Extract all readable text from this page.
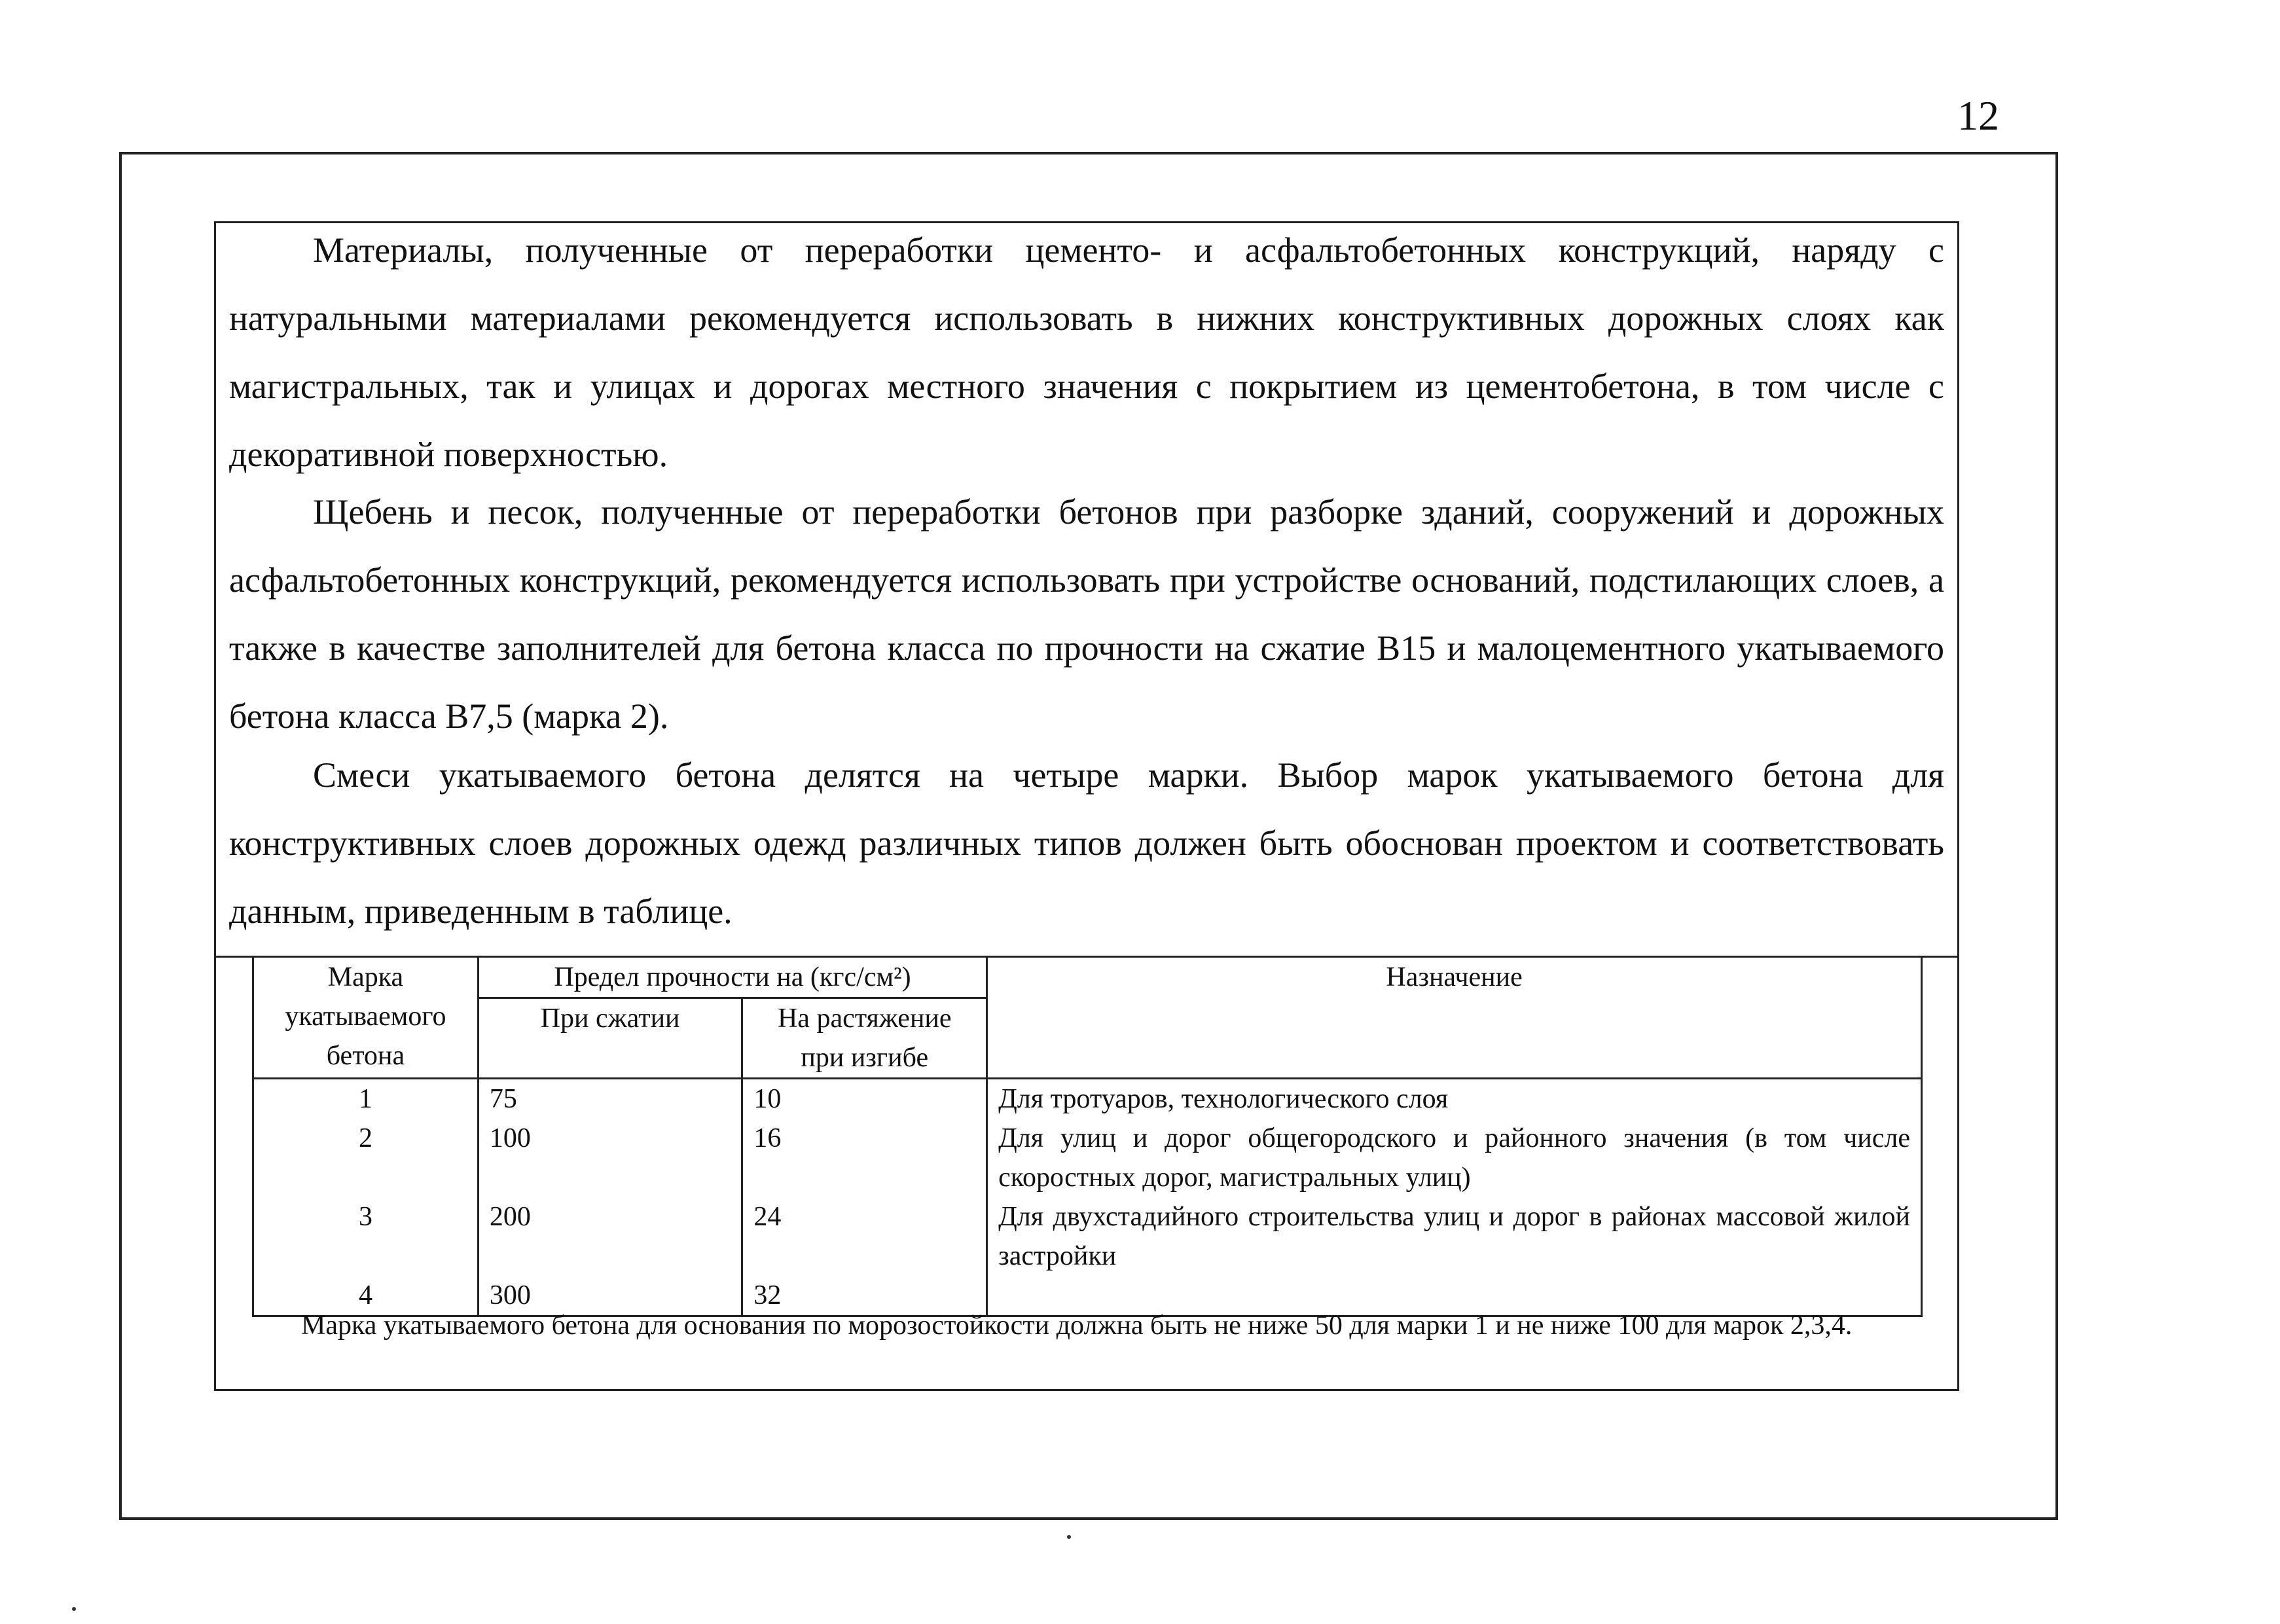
12

Материалы, полученные от переработки цементо- и асфальтобетонных конструкций, наряду с натуральными материалами рекомендуется использовать в нижних конструктивных дорожных слоях как магистральных, так и улицах и дорогах местного значения с покрытием из цементобетона, в том числе с декоративной поверхностью.

Щебень и песок, полученные от переработки бетонов при разборке зданий, сооружений и дорожных асфальтобетонных конструкций, рекомендуется использовать при устройстве оснований, подстилающих слоев, а также в качестве заполнителей для бетона класса по прочности на сжатие В15 и малоцементного укатываемого бетона класса В7,5 (марка 2).

Смеси укатываемого бетона делятся на четыре марки. Выбор марок укатываемого бетона для конструктивных слоев дорожных одежд различных типов должен быть обоснован проектом и соответствовать данным, приведенным в таблице.

Марка укатываемого бетона	Предел прочности на (кгс/см²)		Назначение
	При сжатии	На растяжение при изгибе	
1	75	10	Для тротуаров, технологического слоя
2	100	16	Для улиц и дорог общегородского и районного значения (в том числе скоростных дорог, магистральных улиц)
3	200	24	Для двухстадийного строительства улиц и дорог в районах массовой жилой застройки
4	300	32	

Марка укатываемого бетона для основания по морозостойкости должна быть не ниже 50 для марки 1 и не ниже 100 для марок 2,3,4.
